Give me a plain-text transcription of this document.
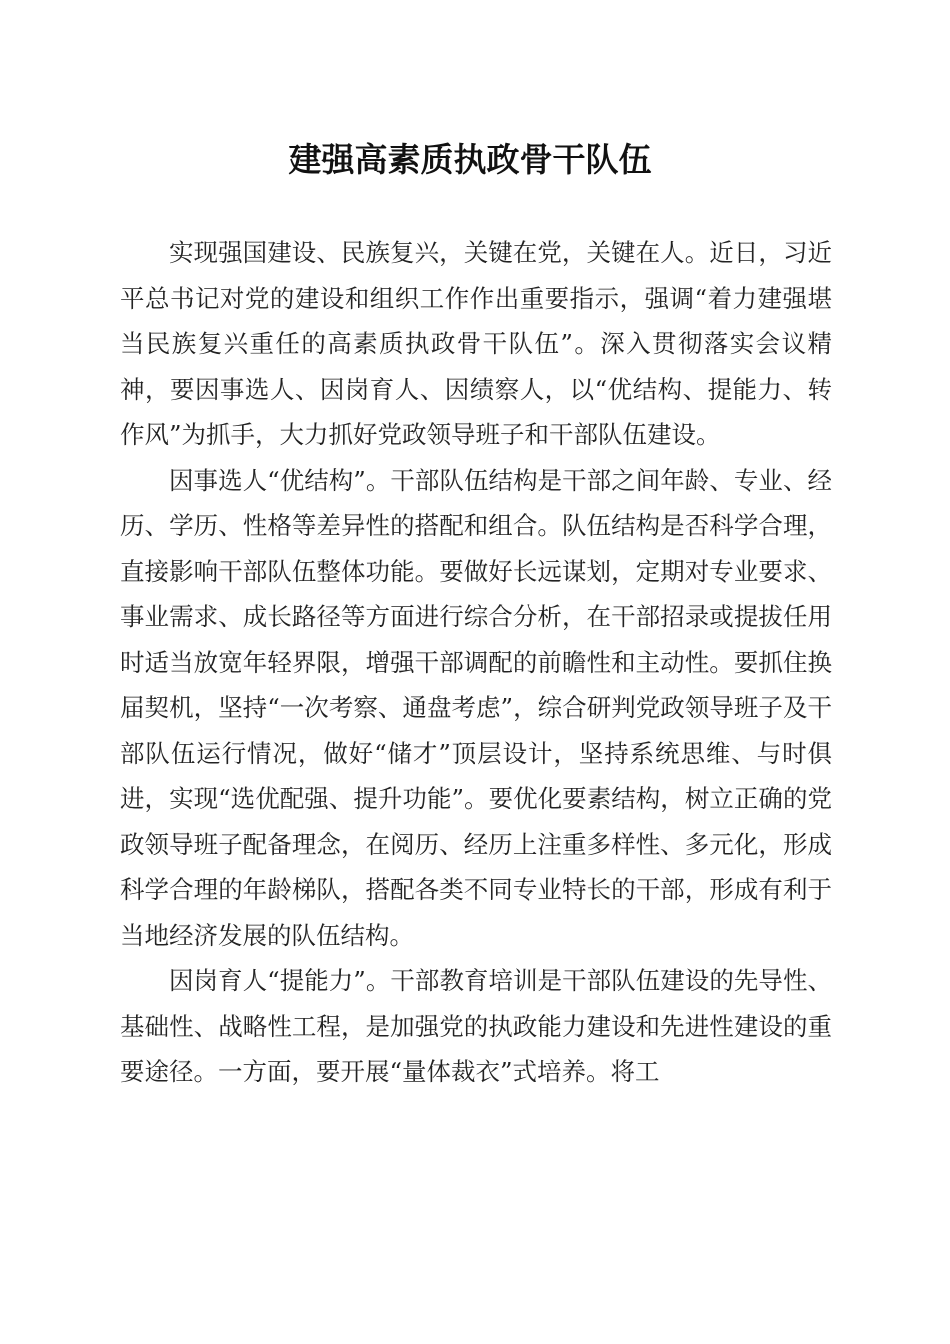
建强高素质执政骨干队伍

实现强国建设、民族复兴，关键在党，关键在人。近日，习近平总书记对党的建设和组织工作作出重要指示，强调“着力建强堪当民族复兴重任的高素质执政骨干队伍”。深入贯彻落实会议精神，要因事选人、因岗育人、因绩察人，以“优结构、提能力、转作风”为抓手，大力抓好党政领导班子和干部队伍建设。

因事选人“优结构”。干部队伍结构是干部之间年龄、专业、经历、学历、性格等差异性的搭配和组合。队伍结构是否科学合理，直接影响干部队伍整体功能。要做好长远谋划，定期对专业要求、事业需求、成长路径等方面进行综合分析，在干部招录或提拔任用时适当放宽年轻界限，增强干部调配的前瞻性和主动性。要抓住换届契机，坚持“一次考察、通盘考虑”，综合研判党政领导班子及干部队伍运行情况，做好“储才”顶层设计，坚持系统思维、与时俱进，实现“选优配强、提升功能”。要优化要素结构，树立正确的党政领导班子配备理念，在阅历、经历上注重多样性、多元化，形成科学合理的年龄梯队，搭配各类不同专业特长的干部，形成有利于当地经济发展的队伍结构。

因岗育人“提能力”。干部教育培训是干部队伍建设的先导性、基础性、战略性工程，是加强党的执政能力建设和先进性建设的重要途径。一方面，要开展“量体裁衣”式培养。将工
